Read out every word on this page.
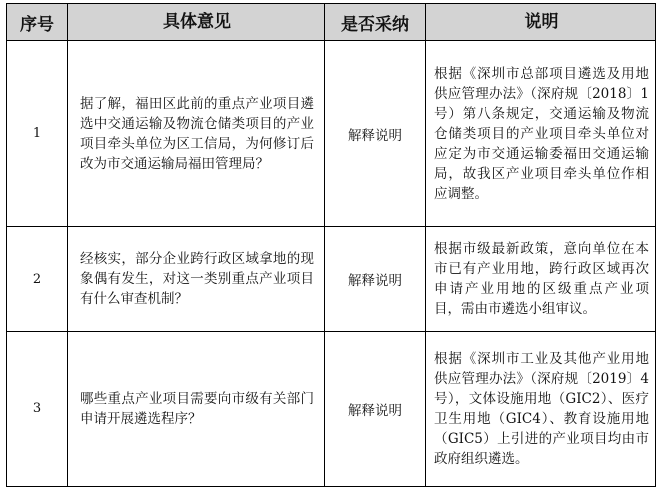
序号	具体意见	是否采纳	说明
1	据了解，福田区此前的重点产业项目遴选中交通运输及物流仓储类项目的产业项目牵头单位为区工信局，为何修订后改为市交通运输局福田管理局？	解释说明	根据《深圳市总部项目遴选及用地供应管理办法》（深府规〔2018〕1号）第八条规定，交通运输及物流仓储类项目的产业项目牵头单位对应定为市交通运输委福田交通运输局，故我区产业项目牵头单位作相应调整。
2	经核实，部分企业跨行政区域拿地的现象偶有发生，对这一类别重点产业项目有什么审查机制？	解释说明	根据市级最新政策，意向单位在本市已有产业用地，跨行政区域再次申请产业用地的区级重点产业项目，需由市遴选小组审议。
3	哪些重点产业项目需要向市级有关部门申请开展遴选程序？	解释说明	根据《深圳市工业及其他产业用地供应管理办法》（深府规〔2019〕4号），文体设施用地（GIC2）、医疗卫生用地（GIC4）、教育设施用地（GIC5）上引进的产业项目均由市政府组织遴选。
